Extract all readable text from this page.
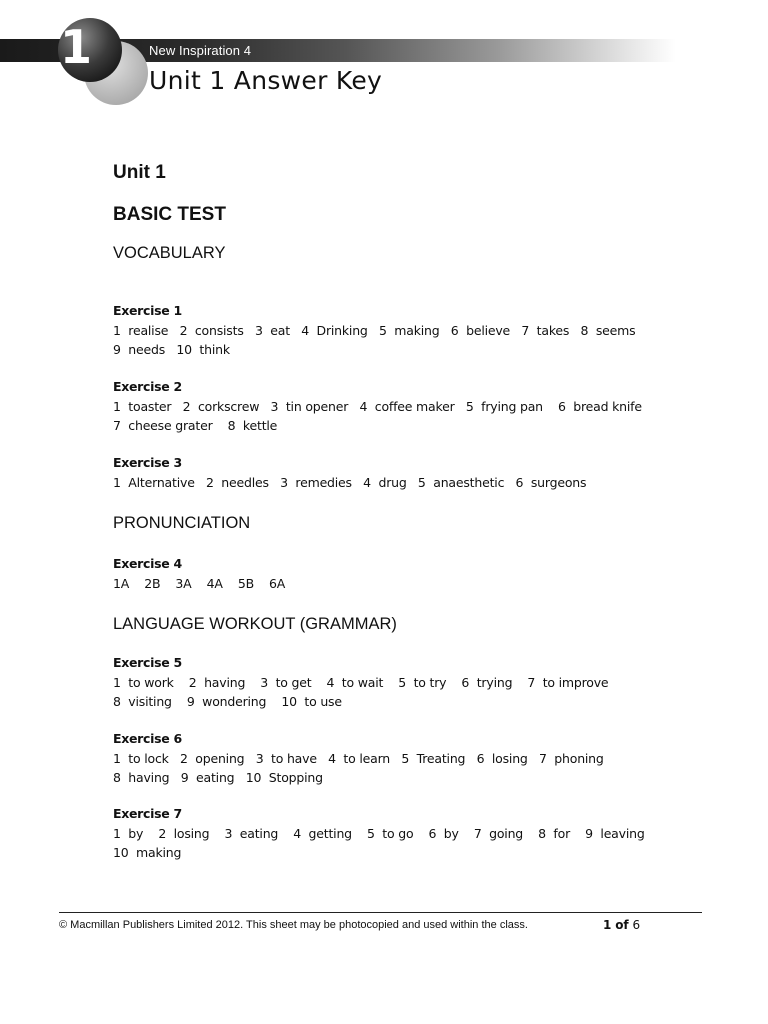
1	New Inspiration 4
Unit 1 Answer Key
Unit 1
BASIC TEST
VOCABULARY
Exercise 1
1  realise   2  consists   3  eat   4  Drinking   5  making   6  believe   7  takes   8  seems
9  needs   10  think
Exercise 2
1  toaster   2  corkscrew   3  tin opener   4  coffee maker   5  frying pan    6  bread knife
7  cheese grater    8  kettle
Exercise 3
1  Alternative   2  needles   3  remedies   4  drug   5  anaesthetic   6  surgeons
PRONUNCIATION
Exercise 4
1A    2B    3A    4A    5B    6A
LANGUAGE WORKOUT (GRAMMAR)
Exercise 5
1  to work    2  having    3  to get    4  to wait    5  to try    6  trying    7  to improve
8  visiting    9  wondering    10  to use
Exercise 6
1  to lock   2  opening   3  to have   4  to learn   5  Treating   6  losing   7  phoning
8  having   9  eating   10  Stopping
Exercise 7
1  by    2  losing    3  eating    4  getting    5  to go    6  by    7  going    8  for    9  leaving
10  making
© Macmillan Publishers Limited 2012. This sheet may be photocopied and used within the class.	1 of 6
